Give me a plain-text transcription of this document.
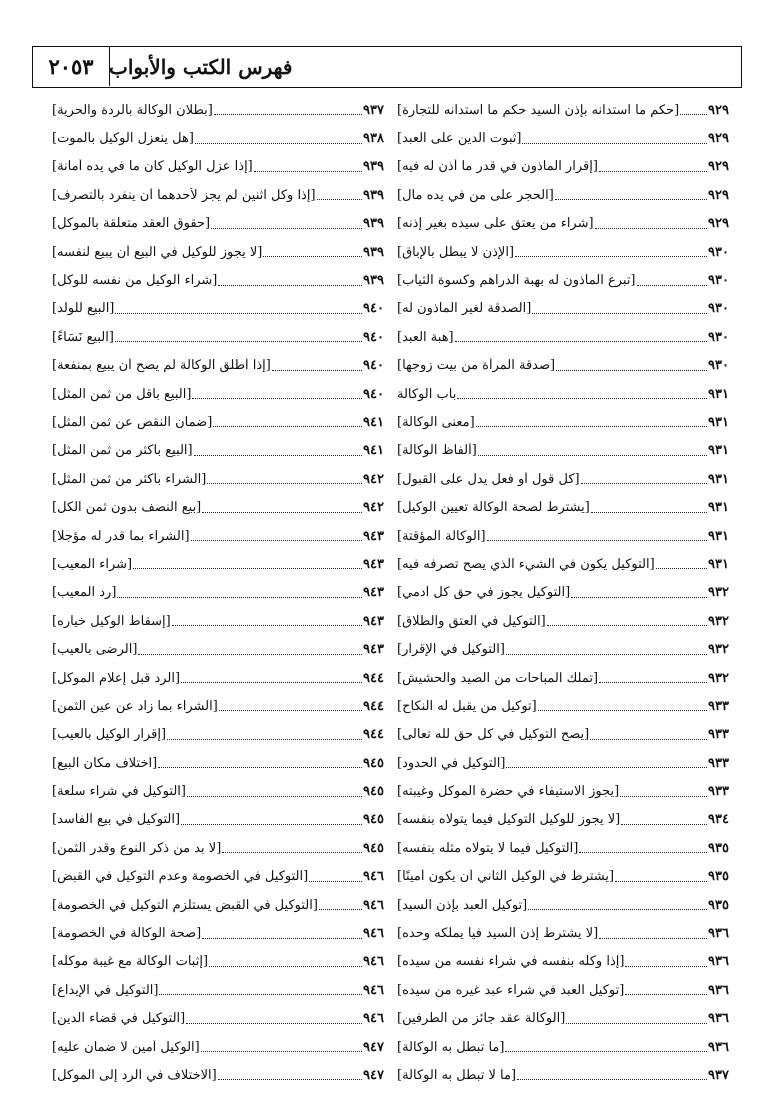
٢٠٥٣ فهرس الكتب والأبواب
[حكم ما استدانه بإذن السيد حكم ما استدانه للتجارة] ٩٢٩
[ثبوت الدين على العبد]	٩٢٩
[إقرار المأذون في قدر ما أذن له فيه]	٩٢٩
[الحجر على من في يده مال]	٩٢٩
[شراء من يعتق على سيده بغير إذنه]	٩٢٩
[الإذن لا يبطل بالإباق]	٩٣٠
[تبرع المأذون له بهبة الدراهم وكسوة الثياب]	٩٣٠
[الصدقة لغير المأذون له]	٩٣٠
[هبة العبد]	٩٣٠
[صدقة المرأة من بيت زوجها]	٩٣٠
باب الوكالة	٩٣١
[معنى الوكالة]	٩٣١
[ألفاظ الوكالة]	٩٣١
[كل قول أو فعل يدل على القبول]	٩٣١
[يشترط لصحة الوكالة تعيين الوكيل]	٩٣١
[الوكالة المؤقتة]	٩٣١
[التوكيل يكون في الشيء الذي يصح تصرفه فيه]	٩٣١
[التوكيل يجوز في حق كل آدمي]	٩٣٢
[التوكيل في العتق والطلاق]	٩٣٢
[التوكيل في الإقرار]	٩٣٢
[تملك المباحات من الصيد والحشيش]	٩٣٢
[توكيل من يقبل له النكاح]	٩٣٣
[يصح التوكيل في كل حق لله تعالى]	٩٣٣
[التوكيل في الحدود]	٩٣٣
[يجوز الاستيفاء في حضرة الموكل وغيبته]	٩٣٣
[لا يجوز للوكيل التوكيل فيما يتولاه بنفسه]	٩٣٤
[التوكيل فيما لا يتولاه مثله بنفسه]	٩٣٥
[يشترط في الوكيل الثاني أن يكون أمينًا]	٩٣٥
[توكيل العبد بإذن السيد]	٩٣٥
[لا يشترط إذن السيد فيا يملكه وحده]	٩٣٦
[إذا وكله بنفسه في شراء نفسه من سيده]	٩٣٦
[توكيل العبد في شراء عبد غيره من سيده]	٩٣٦
[الوكالة عقد جائز من الطرفين]	٩٣٦
[ما تبطل به الوكالة]	٩٣٦
[ما لا تبطل به الوكالة]	٩٣٧
[بطلان الوكالة بالردة والحرية]	٩٣٧
[هل ينعزل الوكيل بالموت]	٩٣٨
[إذا عزل الوكيل كان ما في يده أمانة]	٩٣٩
[إذا وكل اثنين لم يجز لأحدهما أن ينفرد بالتصرف]	٩٣٩
[حقوق العقد متعلقة بالموكل]	٩٣٩
[لا يجوز للوكيل في البيع أن يبيع لنفسه]	٩٣٩
[شراء الوكيل من نفسه للوكل]	٩٣٩
[البيع للولد]	٩٤٠
[البيع نَسَاءً]	٩٤٠
[إذا أطلق الوكالة لم يصح أن يبيع بمنفعة]	٩٤٠
[البيع بأقل من ثمن المثل]	٩٤٠
[ضمان النقص عن ثمن المثل]	٩٤١
[البيع بأكثر من ثمن المثل]	٩٤١
[الشراء بأكثر من ثمن المثل]	٩٤٢
[بيع النصف بدون ثمن الكل]	٩٤٢
[الشراء بما قدر له مؤجلًا]	٩٤٣
[شراء المعيب]	٩٤٣
[رد المعيب]	٩٤٣
[إسقاط الوكيل خياره]	٩٤٣
[الرضى بالعيب]	٩٤٣
[الرد قبل إعلام الموكل]	٩٤٤
[الشراء بما زاد عن عين الثمن]	٩٤٤
[إقرار الوكيل بالعيب]	٩٤٤
[اختلاف مكان البيع]	٩٤٥
[التوكيل في شراء سلعة]	٩٤٥
[التوكيل في بيع الفاسد]	٩٤٥
[لا بد من ذكر النوع وقدر الثمن]	٩٤٥
[التوكيل في الخصومة وعدم التوكيل في القبض]	٩٤٦
[التوكيل في القبض يستلزم التوكيل في الخصومة]	٩٤٦
[صحة الوكالة في الخصومة]	٩٤٦
[إثبات الوكالة مع غيبة موكله]	٩٤٦
[التوكيل في الإيداع]	٩٤٦
[التوكيل في قضاء الدين]	٩٤٦
[الوكيل أمين لا ضمان عليه]	٩٤٧
[الاختلاف في الرد إلى الموكل]	٩٤٧
